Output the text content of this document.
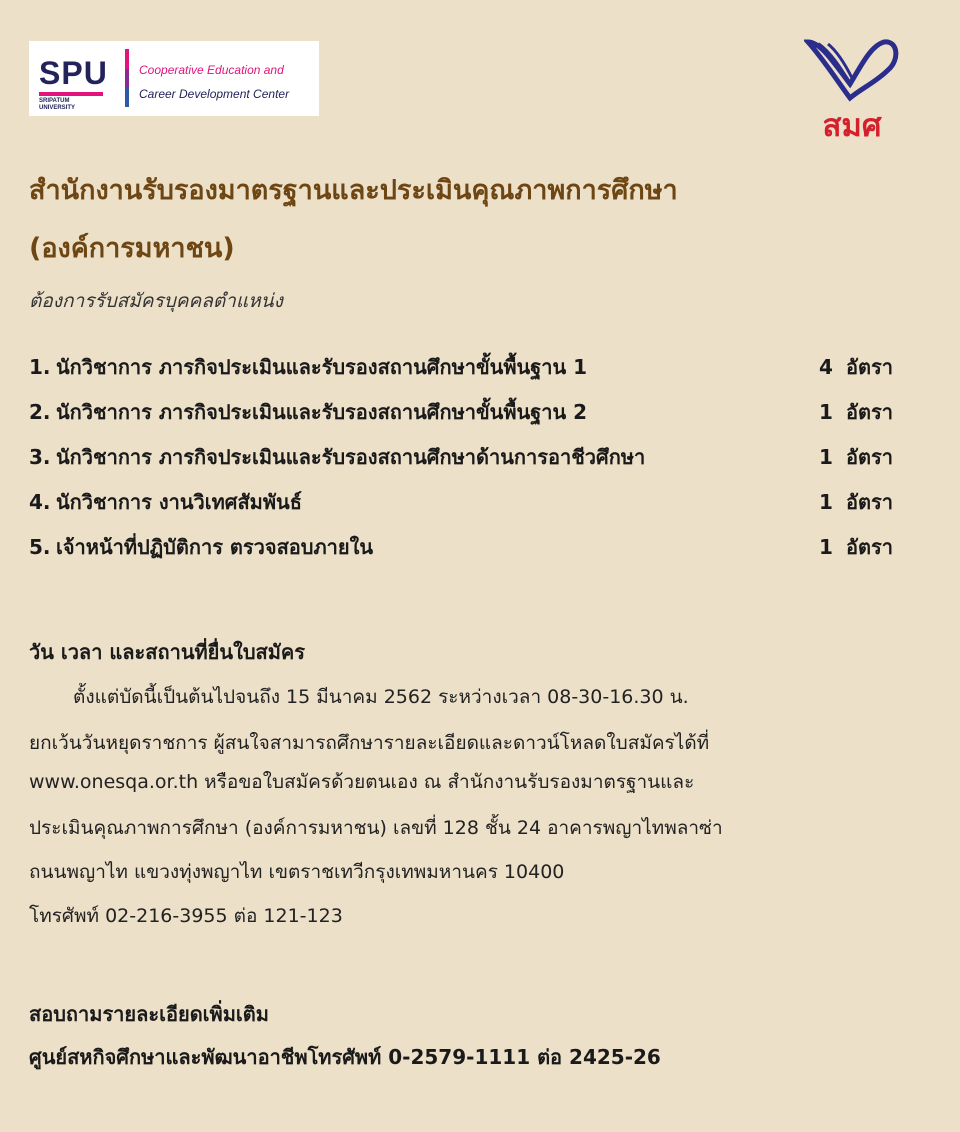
SPU
SRIPATUM
UNIVERSITY
Cooperative Education and
Career Development Center
สมศ
สำนักงานรับรองมาตรฐานและประเมินคุณภาพการศึกษา
(องค์การมหาชน)
ต้องการรับสมัครบุคคลตำแหน่ง
1. นักวิชาการ ภารกิจประเมินและรับรองสถานศึกษาขั้นพื้นฐาน 1	4 อัตรา
2. นักวิชาการ ภารกิจประเมินและรับรองสถานศึกษาขั้นพื้นฐาน 2	1 อัตรา
3. นักวิชาการ ภารกิจประเมินและรับรองสถานศึกษาด้านการอาชีวศึกษา	1 อัตรา
4. นักวิชาการ งานวิเทศสัมพันธ์	1 อัตรา
5. เจ้าหน้าที่ปฏิบัติการ ตรวจสอบภายใน	1 อัตรา
วัน เวลา และสถานที่ยื่นใบสมัคร
ตั้งแต่บัดนี้เป็นต้นไปจนถึง 15 มีนาคม 2562 ระหว่างเวลา 08-30-16.30 น.
ยกเว้นวันหยุดราชการ ผู้สนใจสามารถศึกษารายละเอียดและดาวน์โหลดใบสมัครได้ที่
www.onesqa.or.th หรือขอใบสมัครด้วยตนเอง ณ สำนักงานรับรองมาตรฐานและ
ประเมินคุณภาพการศึกษา (องค์การมหาชน) เลขที่ 128 ชั้น 24 อาคารพญาไทพลาซ่า
ถนนพญาไท แขวงทุ่งพญาไท เขตราชเทวีกรุงเทพมหานคร 10400
โทรศัพท์ 02-216-3955 ต่อ 121-123
สอบถามรายละเอียดเพิ่มเติม
ศูนย์สหกิจศึกษาและพัฒนาอาชีพโทรศัพท์ 0-2579-1111 ต่อ 2425-26
